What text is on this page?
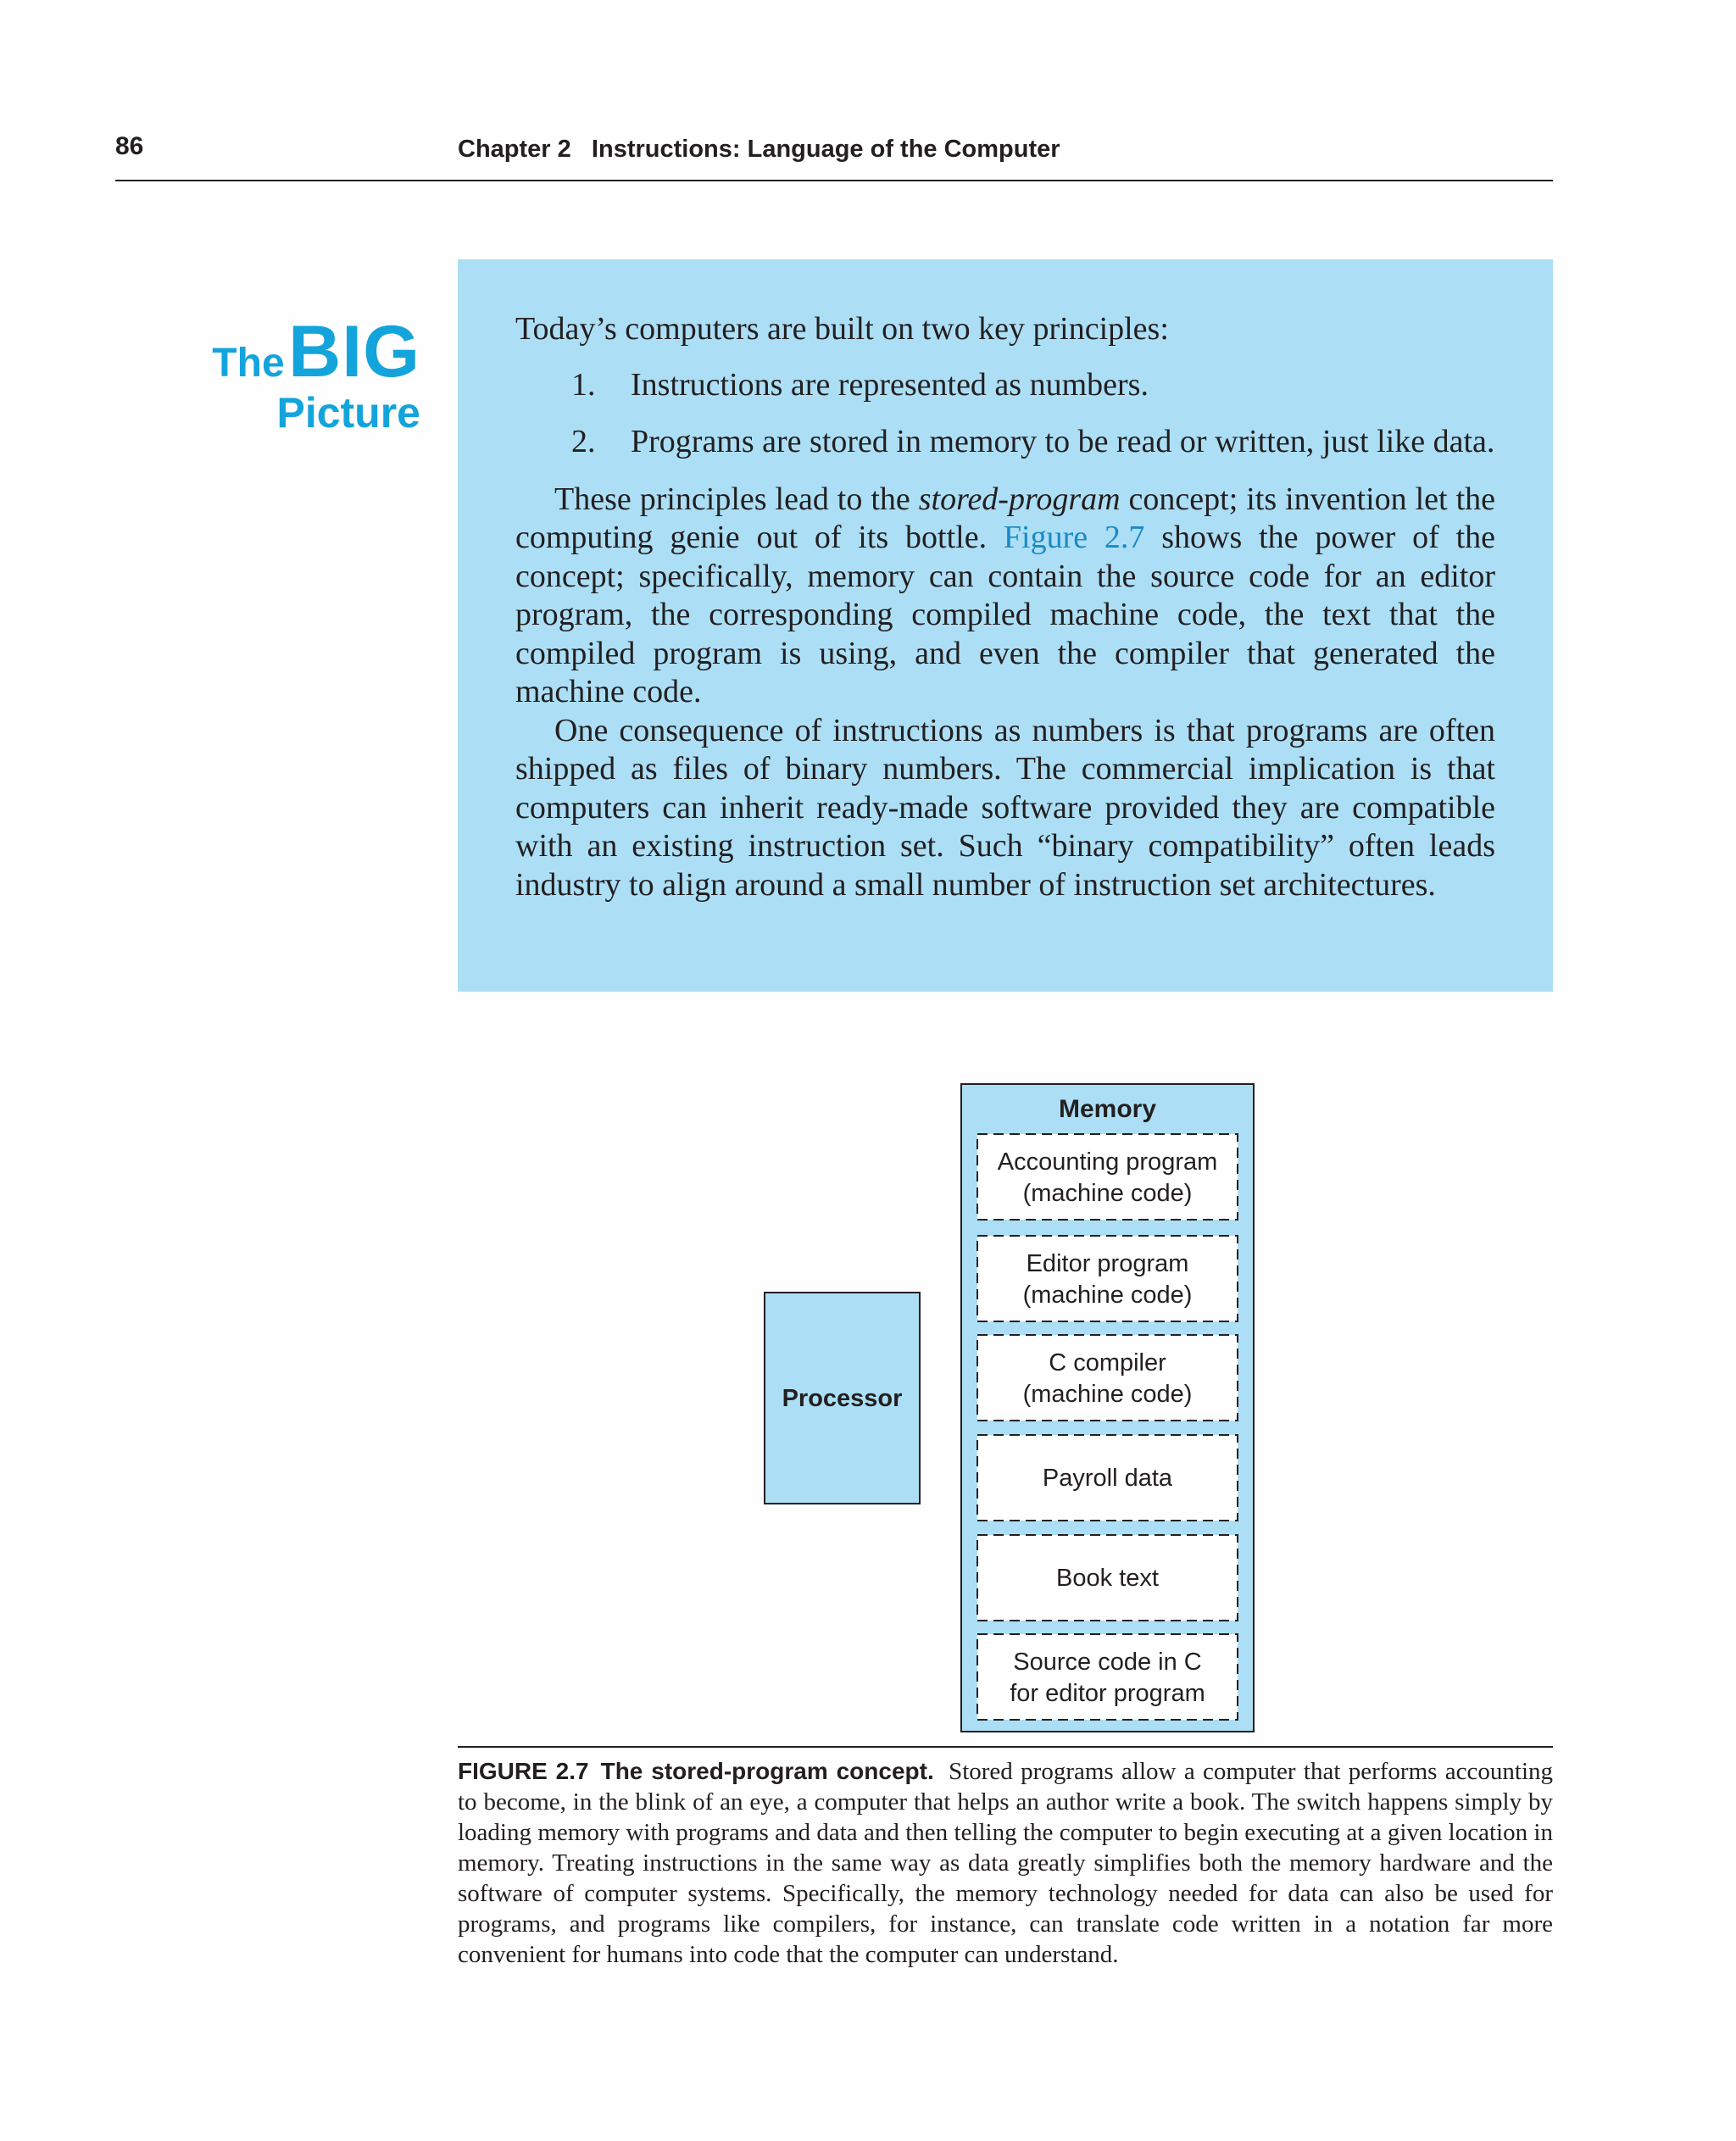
86	Chapter 2   Instructions: Language of the Computer
The BIG
Picture

Today’s computers are built on two key principles:

1. Instructions are represented as numbers.
2. Programs are stored in memory to be read or written, just like data.

These principles lead to the stored-program concept; its invention let the computing genie out of its bottle. Figure 2.7 shows the power of the concept; specifically, memory can contain the source code for an editor program, the corresponding compiled machine code, the text that the compiled program is using, and even the compiler that generated the machine code.

One consequence of instructions as numbers is that programs are often shipped as files of binary numbers. The commercial implication is that computers can inherit ready-made software provided they are compatible with an existing instruction set. Such “binary compatibility” often leads industry to align around a small number of instruction set architectures.

Processor
Memory
Accounting program
(machine code)
Editor program
(machine code)
C compiler
(machine code)
Payroll data
Book text
Source code in C
for editor program
FIGURE 2.7 The stored-program concept. Stored programs allow a computer that performs accounting to become, in the blink of an eye, a computer that helps an author write a book. The switch happens simply by loading memory with programs and data and then telling the computer to begin executing at a given location in memory. Treating instructions in the same way as data greatly simplifies both the memory hardware and the software of computer systems. Specifically, the memory technology needed for data can also be used for programs, and programs like compilers, for instance, can translate code written in a notation far more convenient for humans into code that the computer can understand.
